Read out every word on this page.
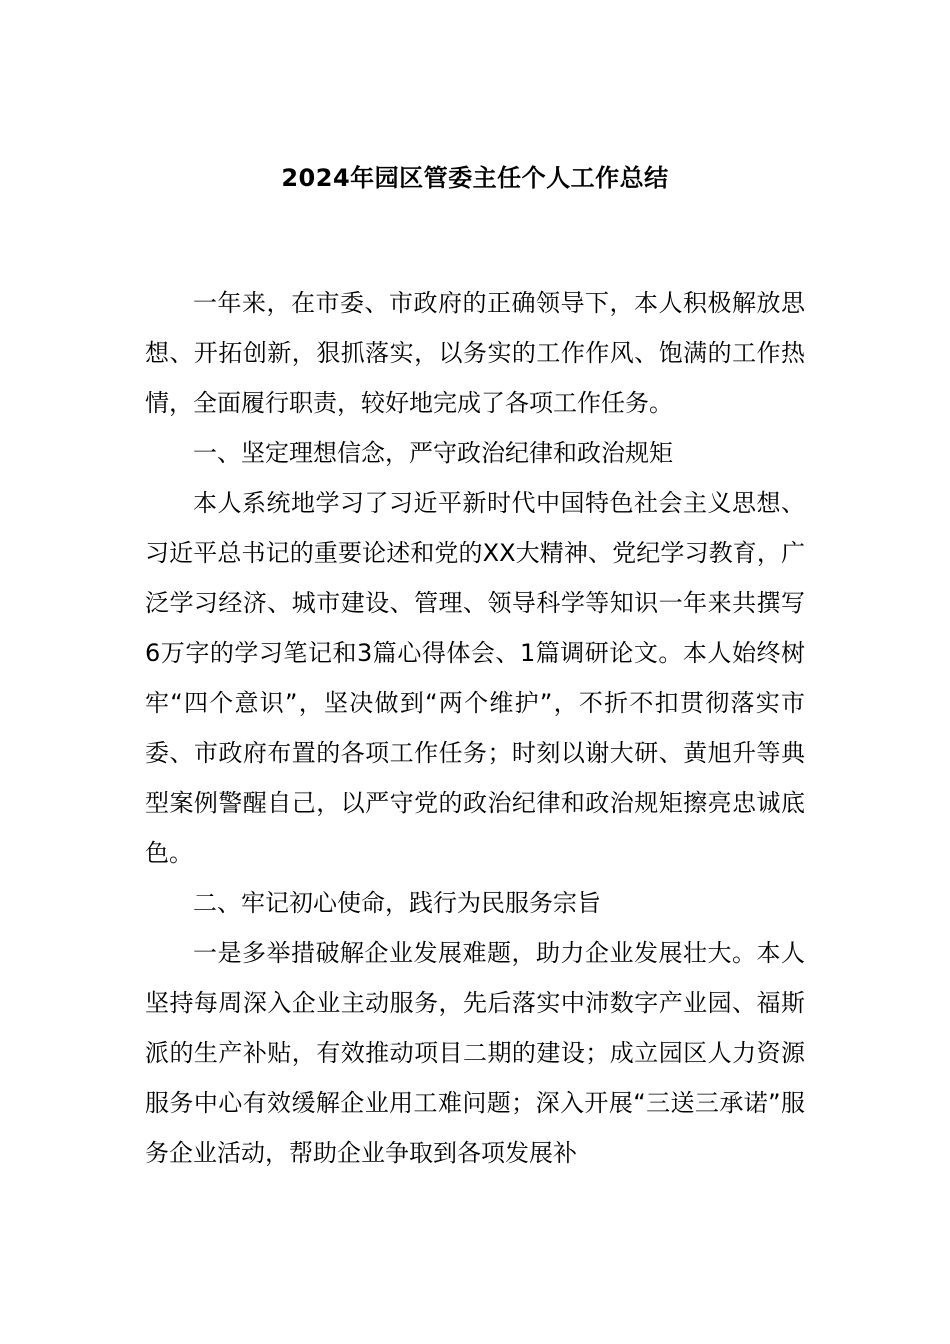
2024年园区管委主任个人工作总结

一年来，在市委、市政府的正确领导下，本人积极解放思想、开拓创新，狠抓落实，以务实的工作作风、饱满的工作热情，全面履行职责，较好地完成了各项工作任务。

一、坚定理想信念，严守政治纪律和政治规矩

本人系统地学习了习近平新时代中国特色社会主义思想、习近平总书记的重要论述和党的XX大精神、党纪学习教育，广泛学习经济、城市建设、管理、领导科学等知识一年来共撰写6万字的学习笔记和3篇心得体会、1篇调研论文。本人始终树牢“四个意识”，坚决做到“两个维护”，不折不扣贯彻落实市委、市政府布置的各项工作任务；时刻以谢大研、黄旭升等典型案例警醒自己，以严守党的政治纪律和政治规矩擦亮忠诚底色。

二、牢记初心使命，践行为民服务宗旨

一是多举措破解企业发展难题，助力企业发展壮大。本人坚持每周深入企业主动服务，先后落实中沛数字产业园、福斯派的生产补贴，有效推动项目二期的建设；成立园区人力资源服务中心有效缓解企业用工难问题；深入开展“三送三承诺”服务企业活动，帮助企业争取到各项发展补
